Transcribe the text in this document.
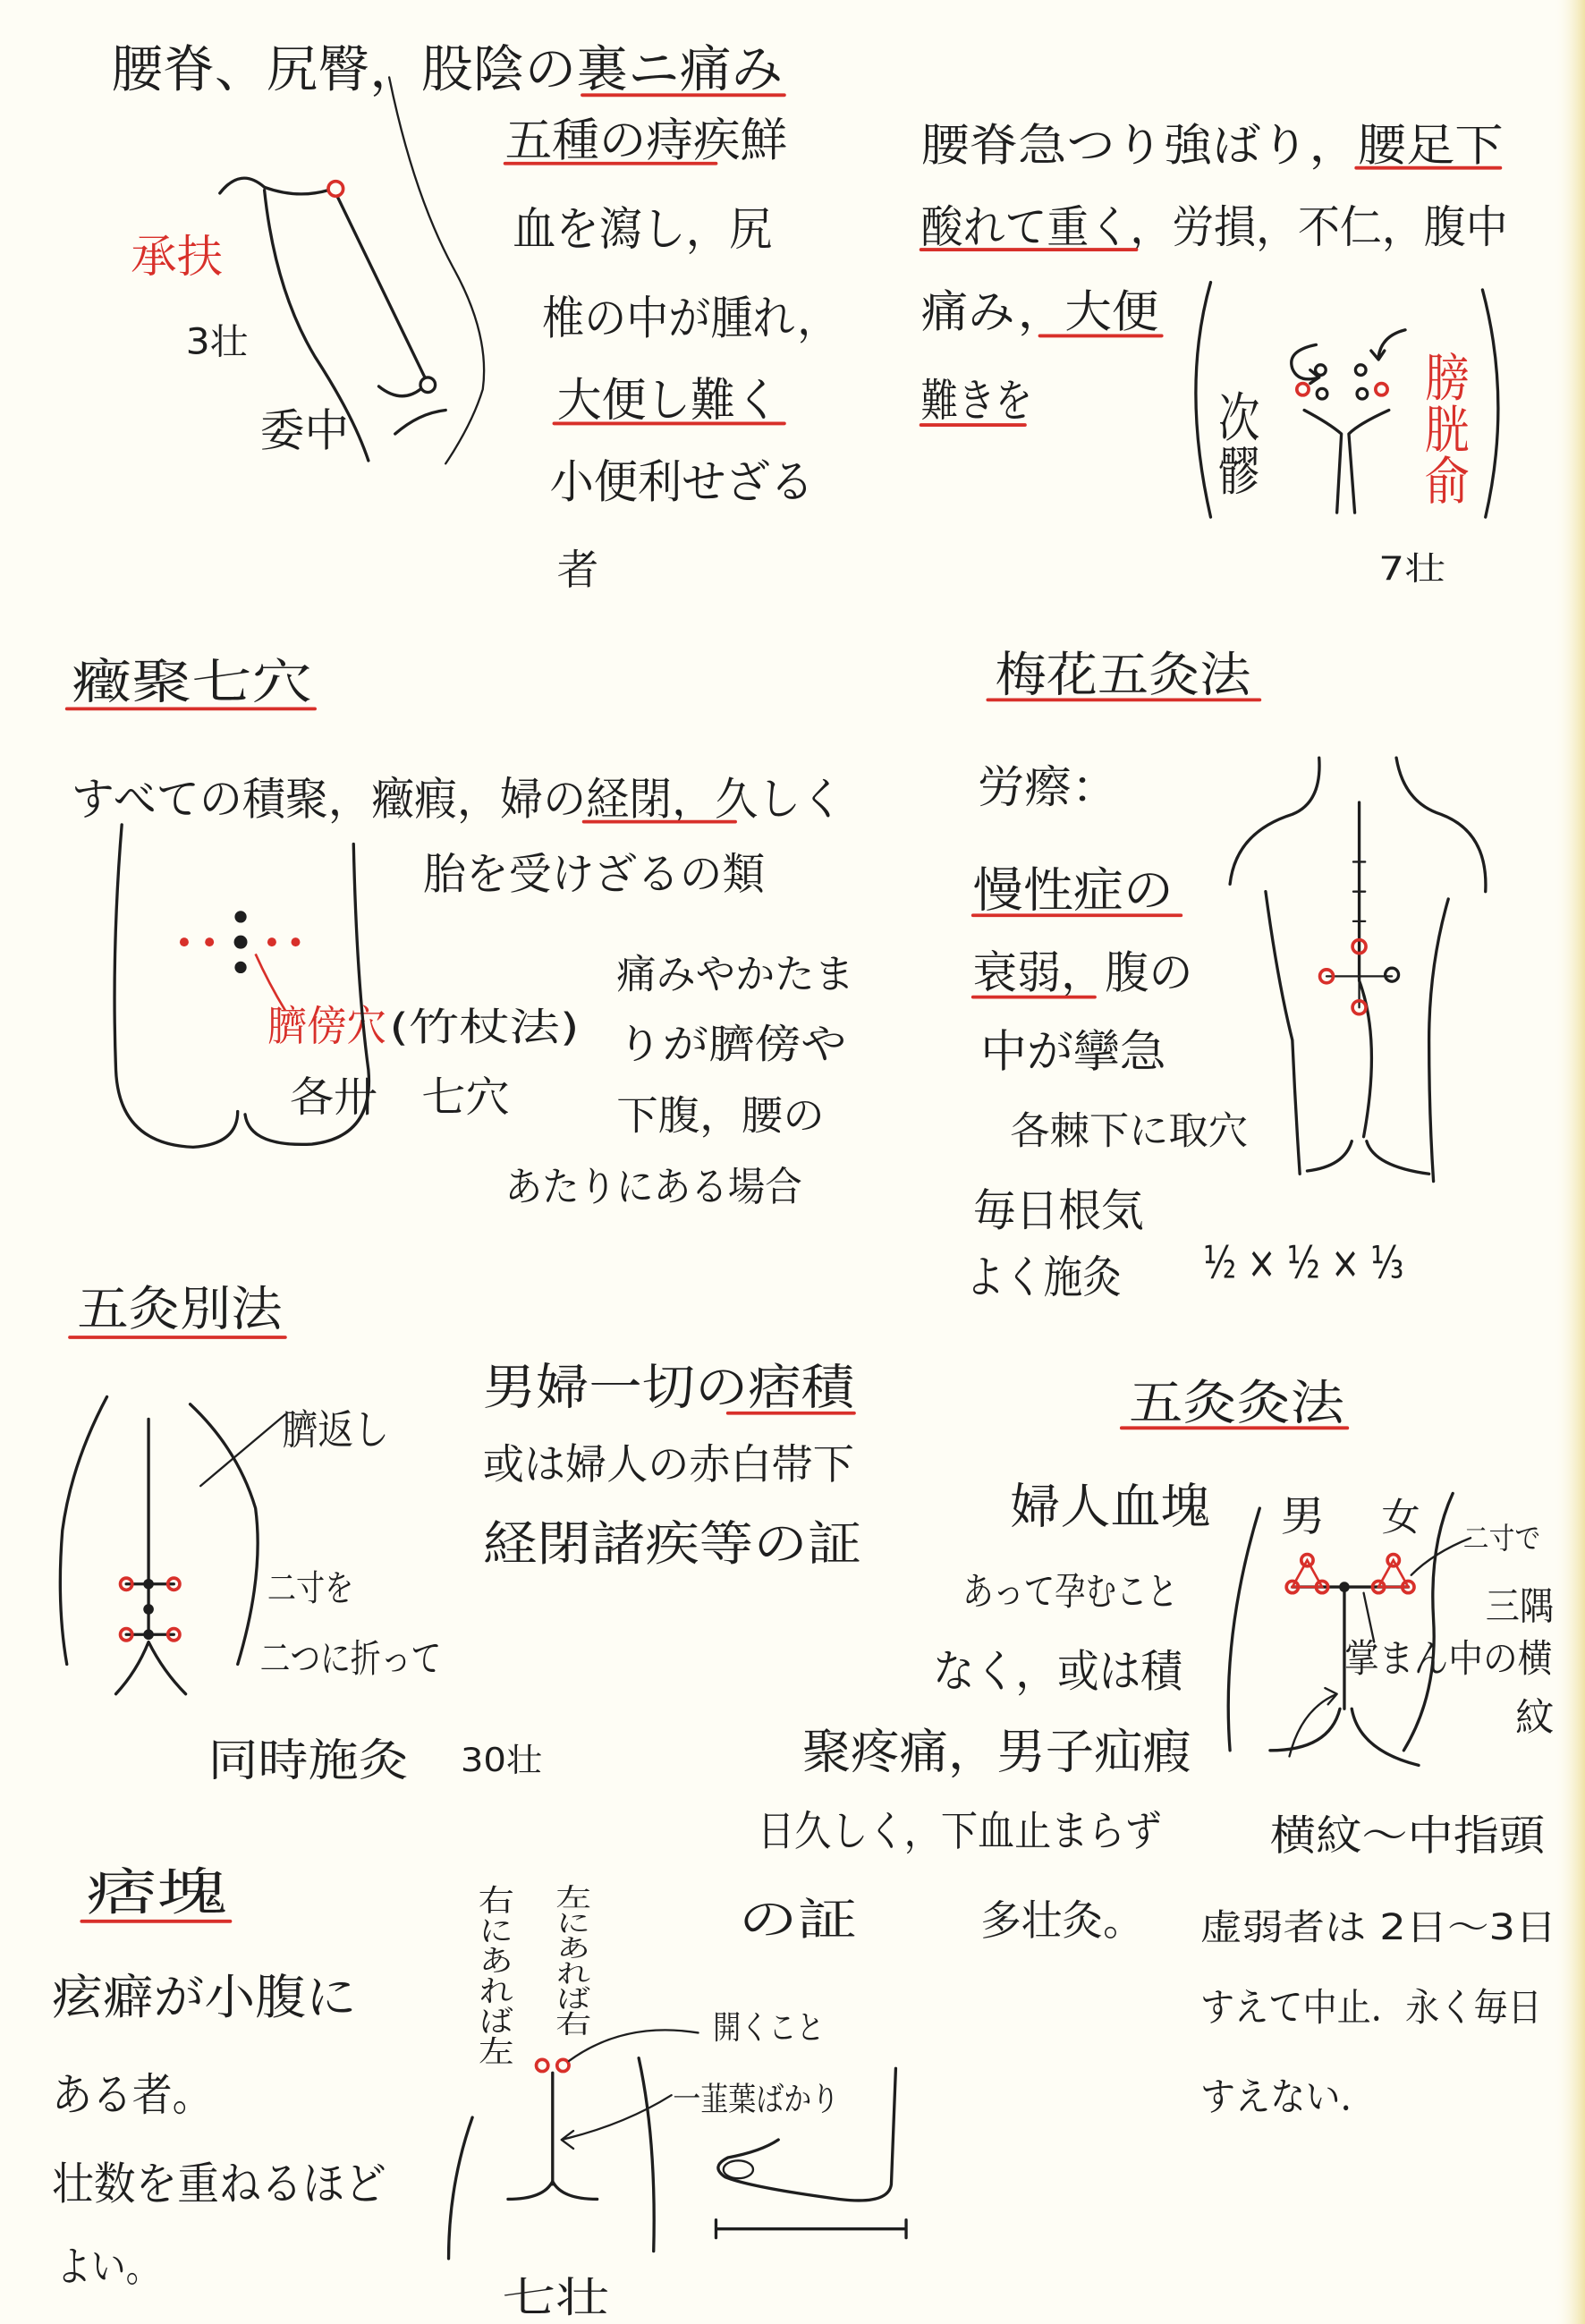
腰脊、尻臀，股陰の裏ニ痛み
五種の痔疾鮮
血を瀉し，尻
椎の中が腫れ，
大便し難く
小便利せざる
者
承扶
3壮
委中
腰脊急つり強ばり，腰足下
酸れて重く，労損，不仁，腹中
痛み，大便
難きを	次髎	膀胱俞
7壮
癥聚七穴
すべての積聚，癥瘕，婦の経閉，久しく
胎を受けざるの類
痛みやかたま
りが臍傍や
下腹，腰の
あたりにある場合
臍傍穴 (竹杖法)
各卅　七穴
梅花五灸法
労瘵：
慢性症の
衰弱，腹の
中が攣急
各棘下に取穴
毎日根気
よく施灸	½ × ½ × ⅓
五灸別法
臍返し
二寸を
二つに折って
同時施灸	30壮
男婦一切の痞積
或は婦人の赤白帯下
経閉諸疾等の証
五灸灸法
婦人血塊
あって孕むこと
なく，或は積
聚疼痛，男子疝瘕
日久しく，下血止まらず
の証	多壮灸。
男 女 二寸で
三隅
掌まん中の横
紋
横紋〜中指頭
虚弱者は 2日〜3日
すえて中止．永く毎日
すえない．
痞塊
痃癖が小腹に
ある者。
壮数を重ねるほど
よい。
右にあれば左 左にあれば右	開くこと
一韮葉ばかり
七壮
